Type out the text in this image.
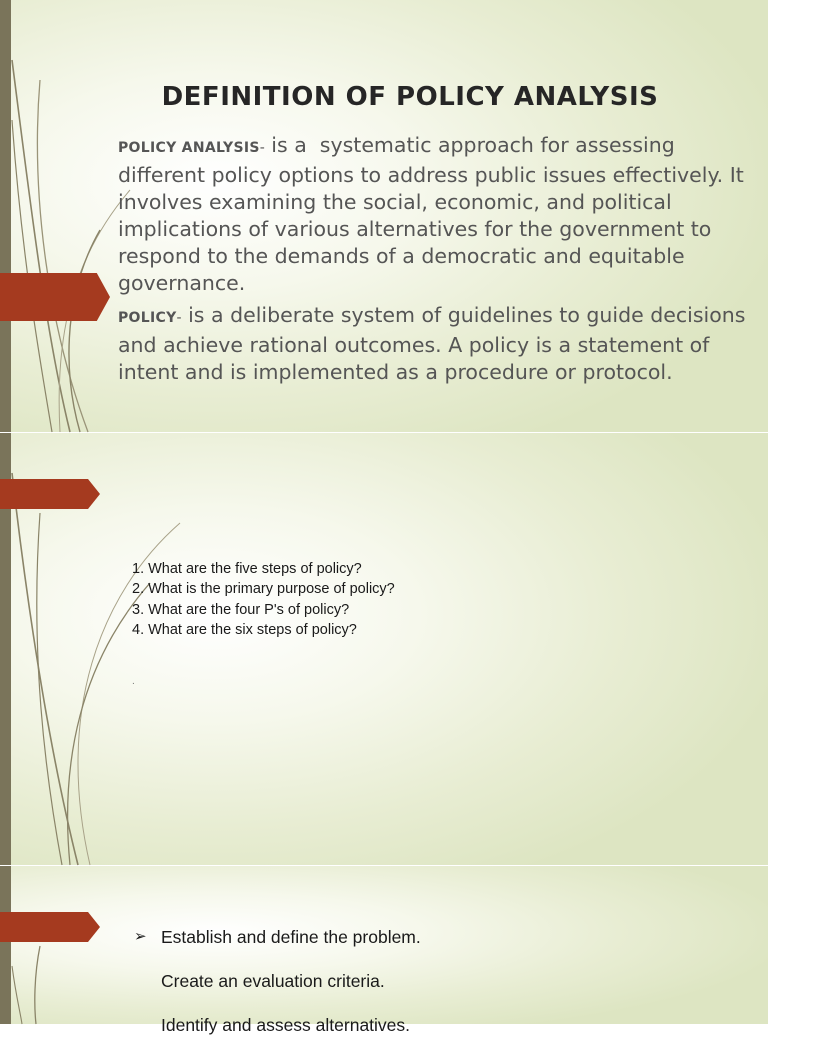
DEFINITION OF POLICY ANALYSIS
POLICY ANALYSIS- is a  systematic approach for assessing different policy options to address public issues effectively. It involves examining the social, economic, and political implications of various alternatives for the government to respond to the demands of a democratic and equitable governance.
POLICY- is a deliberate system of guidelines to guide decisions and achieve rational outcomes. A policy is a statement of intent and is implemented as a procedure or protocol.
1. What are the five steps of policy?
2. What is the primary purpose of policy?
3. What are the four P's of policy?
4. What are the six steps of policy?
.
➢ Establish and define the problem.
Create an evaluation criteria.
Identify and assess alternatives.
